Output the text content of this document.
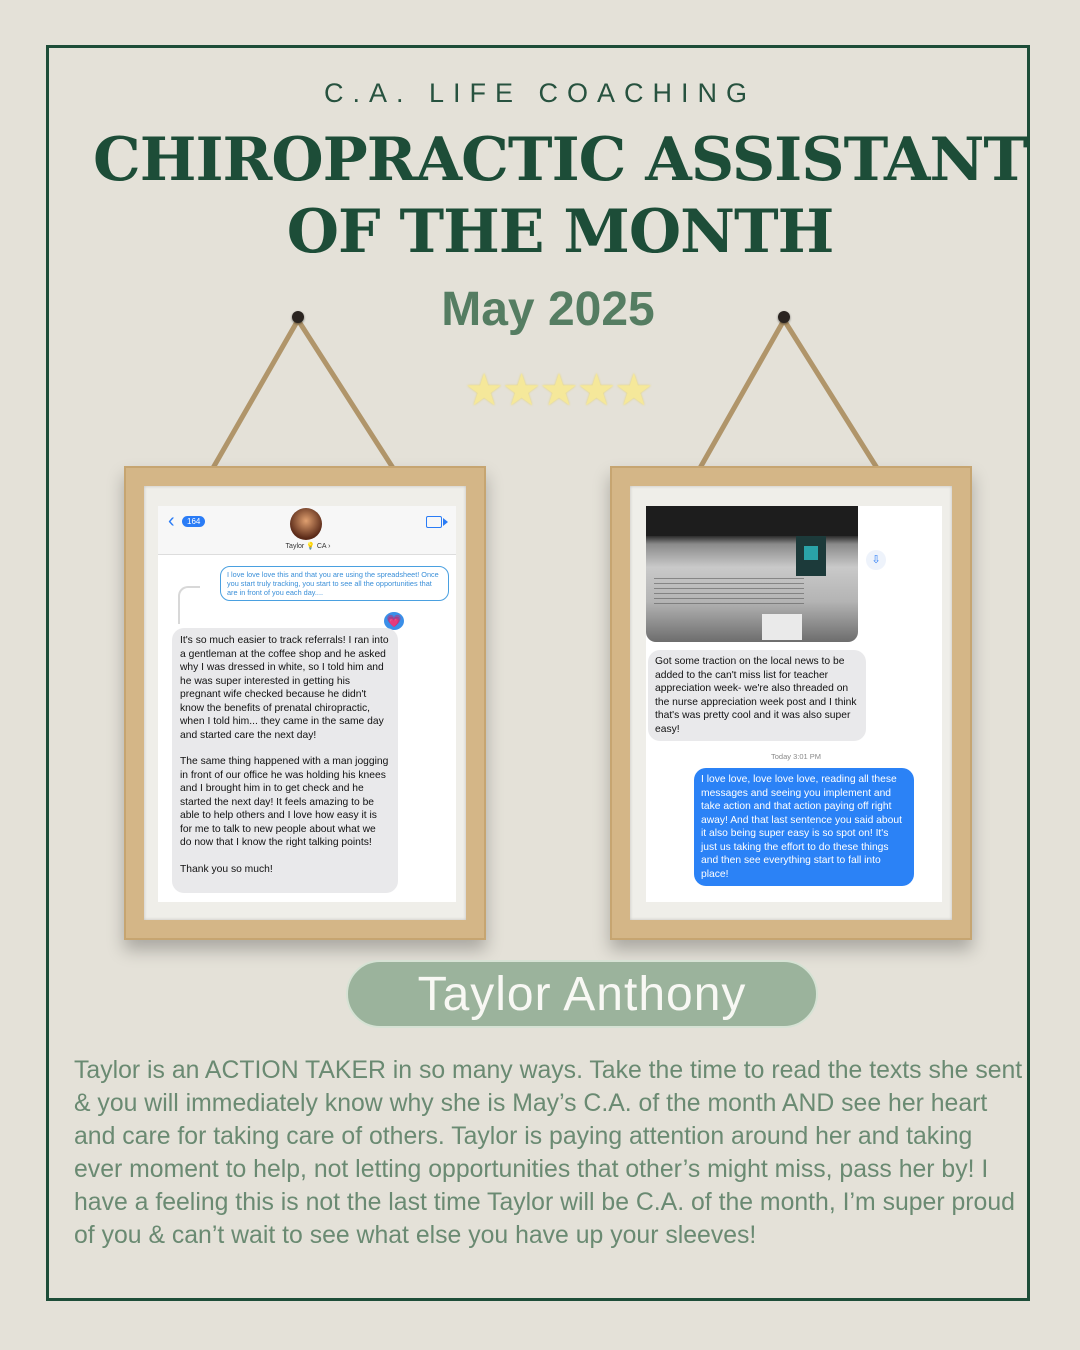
C.A. LIFE COACHING
CHIROPRACTIC ASSISTANT
OF THE MONTH
May 2025
★★★★★
‹	164
Taylor 💡 CA ›
I love love love this and that you are using the spreadsheet! Once you start truly tracking, you start to see all the opportunities that are in front of you each day....
💗

It's so much easier to track referrals! I ran into a gentleman at the coffee shop and he asked why I was dressed in white, so I told him and he was super interested in getting his pregnant wife checked because he didn't know the benefits of prenatal chiropractic, when I told him... they came in the same day and started care the next day!

The same thing happened with a man jogging in front of our office he was holding his knees and I brought him in to get check and he started the next day! It feels amazing to be able to help others and I love how easy it is for me to talk to new people about what we do now that I know the right talking points!

Thank you so much!

⇩
Got some traction on the local news to be added to the can't miss list for teacher appreciation week- we're also threaded on the nurse appreciation week post and I think that's was pretty cool and it was also super easy!
Today 3:01 PM
I love love, love love love, reading all these messages and seeing you implement and take action and that action paying off right away! And that last sentence you said about it also being super easy is so spot on! It's just us taking the effort to do these things and then see everything start to fall into place!
Taylor Anthony
Taylor is an ACTION TAKER in so many ways. Take the time to read the texts she sent & you will immediately know why she is May’s C.A. of the month AND see her heart and care for taking care of others. Taylor is paying attention around her and taking ever moment to help, not letting opportunities that other’s might miss, pass her by! I have a feeling this is not the last time Taylor will be C.A. of the month, I’m super proud of you & can’t wait to see what else you have up your sleeves!
